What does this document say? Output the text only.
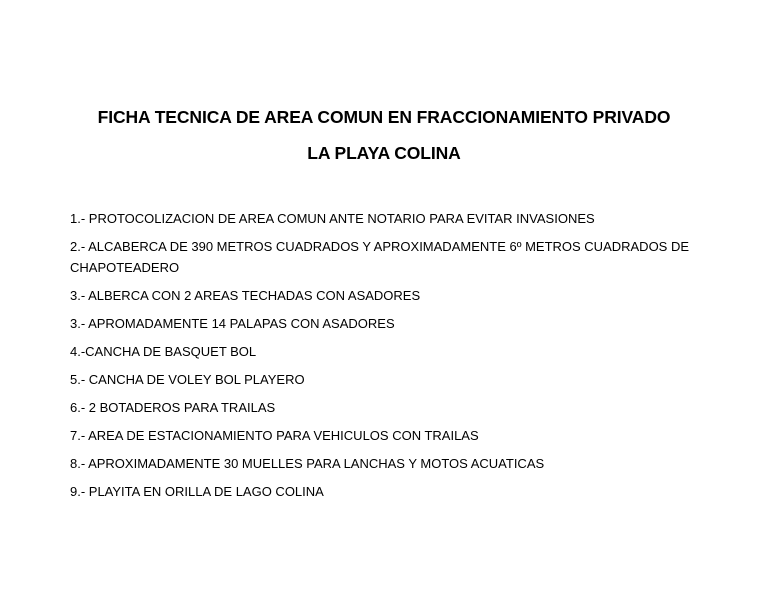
FICHA TECNICA DE AREA COMUN EN FRACCIONAMIENTO PRIVADO
LA PLAYA COLINA
1.- PROTOCOLIZACION DE AREA COMUN ANTE NOTARIO PARA EVITAR INVASIONES
2.- ALCABERCA DE 390 METROS CUADRADOS Y APROXIMADAMENTE 6º METROS CUADRADOS DE CHAPOTEADERO
3.- ALBERCA CON 2 AREAS TECHADAS CON ASADORES
3.- APROMADAMENTE 14 PALAPAS CON ASADORES
4.-CANCHA DE BASQUET BOL
5.- CANCHA DE VOLEY BOL PLAYERO
6.- 2 BOTADEROS PARA TRAILAS
7.- AREA DE ESTACIONAMIENTO PARA VEHICULOS CON TRAILAS
8.- APROXIMADAMENTE 30 MUELLES PARA LANCHAS Y MOTOS ACUATICAS
9.- PLAYITA EN ORILLA DE LAGO COLINA
